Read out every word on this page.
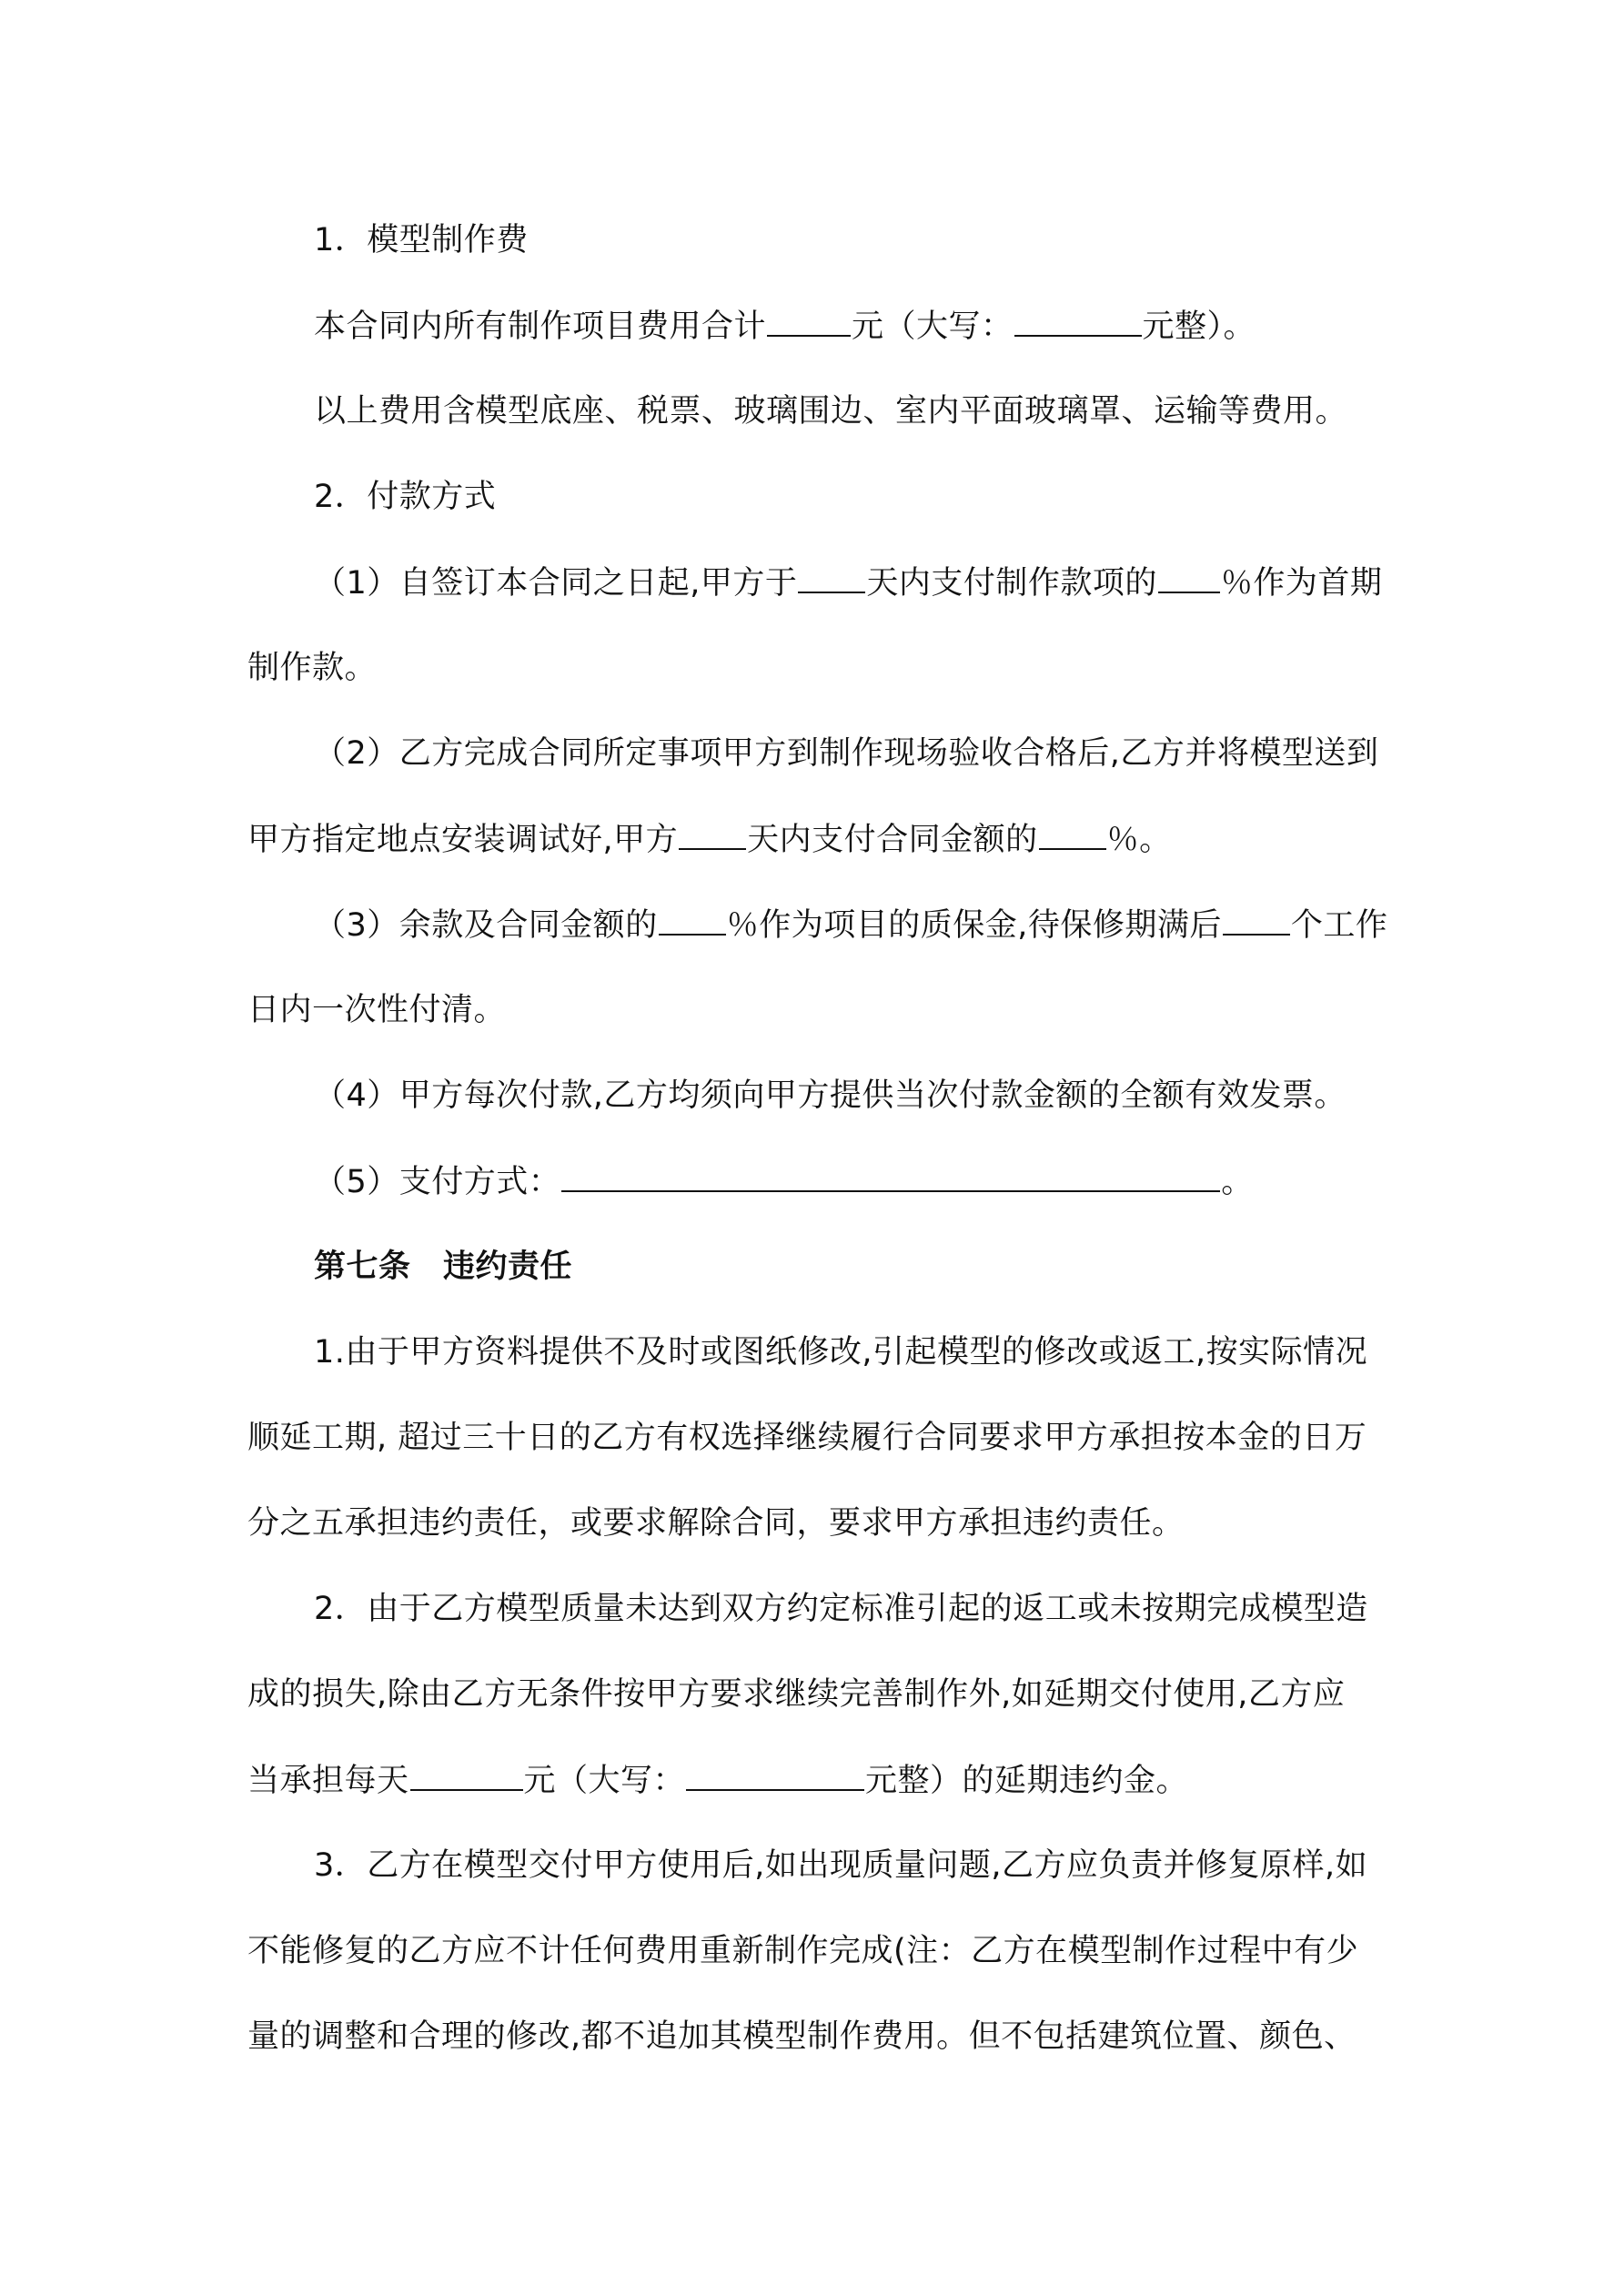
1．模型制作费

本合同内所有制作项目费用合计	元（大写：	元整）。

以上费用含模型底座、税票、玻璃围边、室内平面玻璃罩、运输等费用。

2．付款方式

（1）自签订本合同之日起,甲方于 天内支付制作款项的 ％作为首期

制作款。

（2）乙方完成合同所定事项甲方到制作现场验收合格后,乙方并将模型送到

甲方指定地点安装调试好,甲方 天内支付合同金额的 ％。

（3）余款及合同金额的 ％作为项目的质保金,待保修期满后 个工作

日内一次性付清。

（4）甲方每次付款,乙方均须向甲方提供当次付款金额的全额有效发票。

（5）支付方式：	。

第七条　违约责任

1.由于甲方资料提供不及时或图纸修改,引起模型的修改或返工,按实际情况

顺延工期, 超过三十日的乙方有权选择继续履行合同要求甲方承担按本金的日万

分之五承担违约责任，或要求解除合同，要求甲方承担违约责任。

2．由于乙方模型质量未达到双方约定标准引起的返工或未按期完成模型造

成的损失,除由乙方无条件按甲方要求继续完善制作外,如延期交付使用,乙方应

当承担每天	元（大写：	元整）的延期违约金。

3．乙方在模型交付甲方使用后,如出现质量问题,乙方应负责并修复原样,如

不能修复的乙方应不计任何费用重新制作完成(注：乙方在模型制作过程中有少

量的调整和合理的修改,都不追加其模型制作费用。但不包括建筑位置、颜色、
